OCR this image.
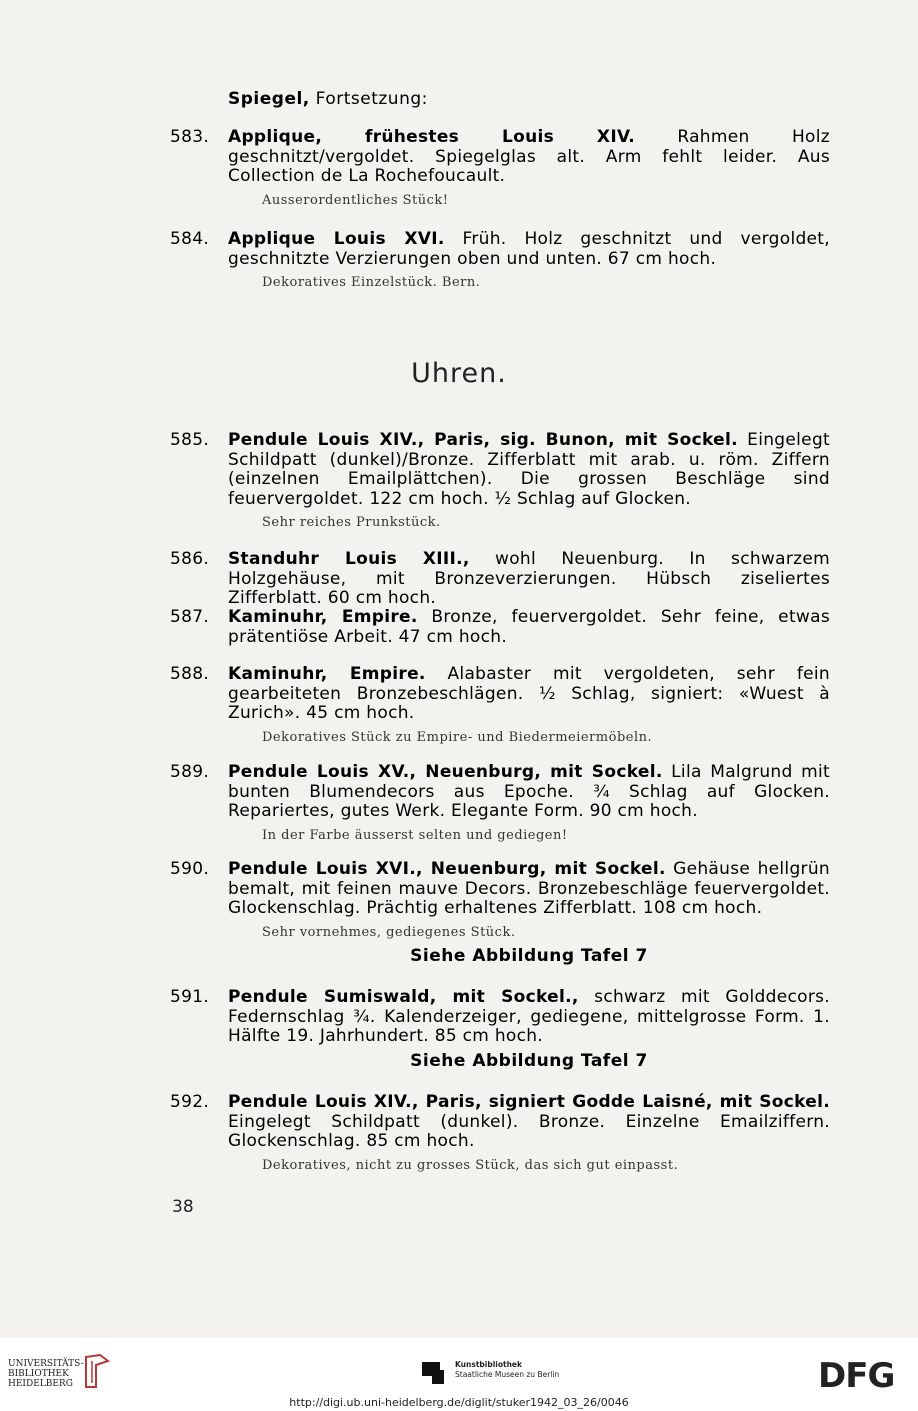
Spiegel, Fortsetzung:
583.	Applique, frühestes Louis XIV. Rahmen Holz geschnitzt/vergoldet. Spiegelglas alt. Arm fehlt leider. Aus Collection de La Rochefoucault.
Ausserordentliches Stück!
584.	Applique Louis XVI. Früh. Holz geschnitzt und vergoldet, geschnitzte Verzierungen oben und unten. 67 cm hoch.
Dekoratives Einzelstück. Bern.
Uhren.
585.	Pendule Louis XIV., Paris, sig. Bunon, mit Sockel. Eingelegt Schildpatt (dunkel)/Bronze. Zifferblatt mit arab. u. röm. Ziffern (einzelnen Emailplättchen). Die grossen Beschläge sind feuervergoldet. 122 cm hoch. ½ Schlag auf Glocken.
Sehr reiches Prunkstück.
586.	Standuhr Louis XIII., wohl Neuenburg. In schwarzem Holzgehäuse, mit Bronzeverzierungen. Hübsch ziseliertes Zifferblatt. 60 cm hoch.
587.	Kaminuhr, Empire. Bronze, feuervergoldet. Sehr feine, etwas prätentiöse Arbeit. 47 cm hoch.
588.	Kaminuhr, Empire. Alabaster mit vergoldeten, sehr fein gearbeiteten Bronzebeschlägen. ½ Schlag, signiert: «Wuest à Zurich». 45 cm hoch.
Dekoratives Stück zu Empire- und Biedermeiermöbeln.
589.	Pendule Louis XV., Neuenburg, mit Sockel. Lila Malgrund mit bunten Blumendecors aus Epoche. ¾ Schlag auf Glocken. Repariertes, gutes Werk. Elegante Form. 90 cm hoch.
In der Farbe äusserst selten und gediegen!
590.	Pendule Louis XVI., Neuenburg, mit Sockel. Gehäuse hellgrün bemalt, mit feinen mauve Decors. Bronzebeschläge feuervergoldet. Glockenschlag. Prächtig erhaltenes Zifferblatt. 108 cm hoch.
Sehr vornehmes, gediegenes Stück.
Siehe Abbildung Tafel 7
591.	Pendule Sumiswald, mit Sockel., schwarz mit Golddecors. Federnschlag ¾. Kalenderzeiger, gediegene, mittelgrosse Form. 1. Hälfte 19. Jahrhundert. 85 cm hoch.
Siehe Abbildung Tafel 7
592.	Pendule Louis XIV., Paris, signiert Godde Laisné, mit Sockel. Eingelegt Schildpatt (dunkel). Bronze. Einzelne Emailziffern. Glockenschlag. 85 cm hoch.
Dekoratives, nicht zu grosses Stück, das sich gut einpasst.
38
UNIVERSITÄTS-
BIBLIOTHEK
HEIDELBERG
Kunstbibliothek
Staatliche Museen zu Berlin	DFG
http://digi.ub.uni-heidelberg.de/diglit/stuker1942_03_26/0046
